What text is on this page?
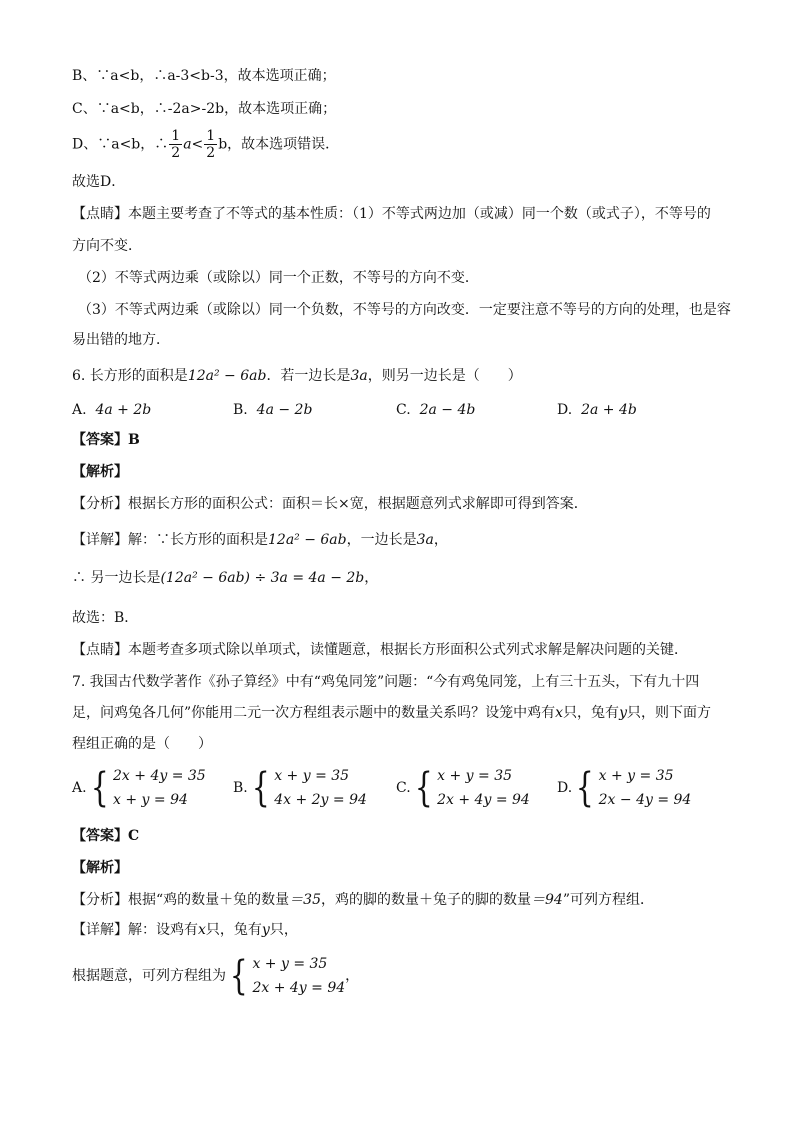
B、∵a<b，∴a-3<b-3，故本选项正确；
C、∵a<b，∴-2a>-2b，故本选项正确；
D、∵a<b，∴ $\frac{1}{2} a< \frac{1}{2}$ b，故本选项错误．
故选D．
【点睛】本题主要考查了不等式的基本性质：（1）不等式两边加（或减）同一个数（或式子），不等号的
方向不变．
（2）不等式两边乘（或除以）同一个正数，不等号的方向不变．
（3）不等式两边乘（或除以）同一个负数，不等号的方向改变．一定要注意不等号的方向的处理，也是容
易出错的地方．
6. 长方形的面积是12a² − 6ab．若一边长是3a，则另一边长是（　　）
A. 4a + 2b	B. 4a − 2b	C. 2a − 4b	D. 2a + 4b
【答案】B
【解析】
【分析】根据长方形的面积公式：面积＝长×宽，根据题意列式求解即可得到答案．
【详解】解：∵长方形的面积是12a² − 6ab，一边长是3a，
∴ 另一边长是(12a² − 6ab) ÷ 3a = 4a − 2b，
故选：B．
【点睛】本题考查多项式除以单项式，读懂题意，根据长方形面积公式列式求解是解决问题的关键．
7. 我国古代数学著作《孙子算经》中有“鸡兔同笼”问题：“今有鸡兔同笼，上有三十五头，下有九十四
足，问鸡兔各几何”你能用二元一次方程组表示题中的数量关系吗？设笼中鸡有x只，兔有y只，则下面方
程组正确的是（　　）
A. { 2x + 4y = 35
x + y = 94
B. { x + y = 35
4x + 2y = 94
C. { x + y = 35
2x + 4y = 94
D. { x + y = 35
2x − 4y = 94
【答案】C
【解析】
【分析】根据“鸡的数量＋兔的数量＝35，鸡的脚的数量＋兔子的脚的数量＝94”可列方程组．
【详解】解：设鸡有x只，兔有y只，
根据题意，可列方程组为 { x + y = 35
2x + 4y = 94
，
